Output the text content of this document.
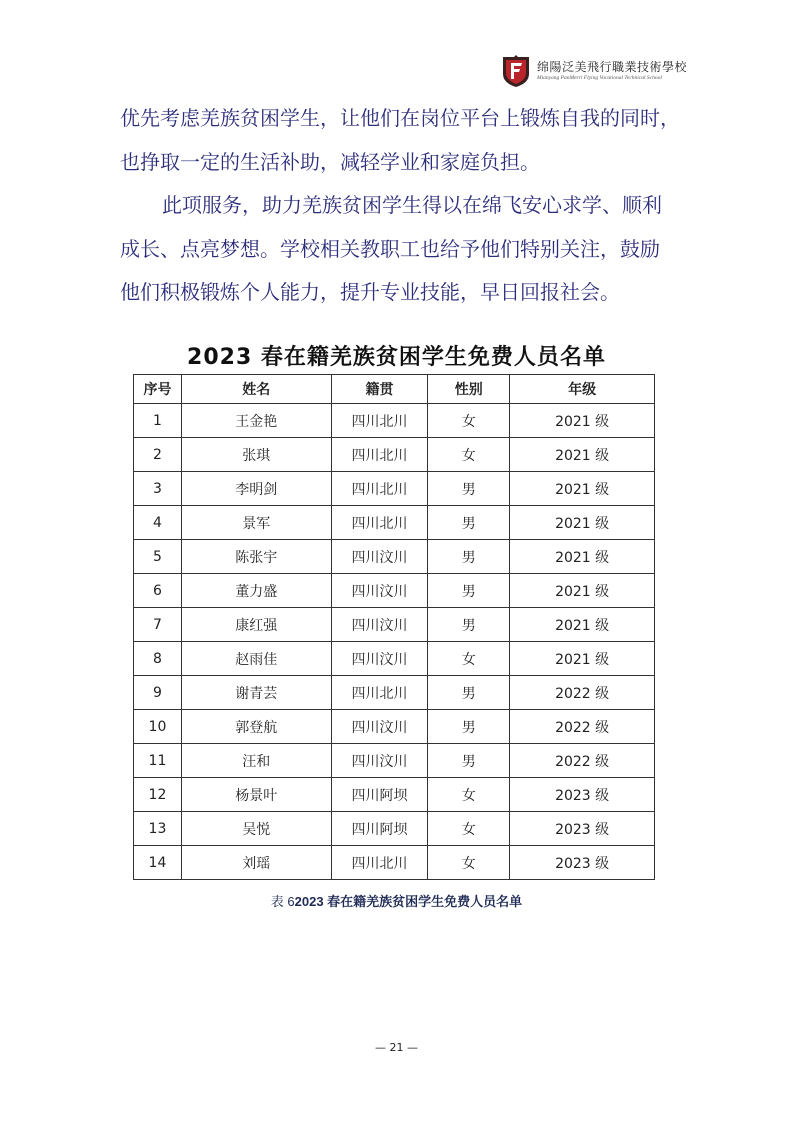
绵陽泛美飛行職業技術學校
Mianyang PanMerri Flying Vocational Technical School

优先考虑羌族贫困学生，让他们在岗位平台上锻炼自我的同时，

也挣取一定的生活补助，减轻学业和家庭负担。

此项服务，助力羌族贫困学生得以在绵飞安心求学、顺利

成长、点亮梦想。学校相关教职工也给予他们特别关注，鼓励

他们积极锻炼个人能力，提升专业技能，早日回报社会。

2023 春在籍羌族贫困学生免费人员名单
序号	姓名	籍贯	性别	年级
1	王金艳	四川北川	女	2021 级
2	张琪	四川北川	女	2021 级
3	李明剑	四川北川	男	2021 级
4	景军	四川北川	男	2021 级
5	陈张宇	四川汶川	男	2021 级
6	董力盛	四川汶川	男	2021 级
7	康红强	四川汶川	男	2021 级
8	赵雨佳	四川汶川	女	2021 级
9	谢青芸	四川北川	男	2022 级
10	郭登航	四川汶川	男	2022 级
11	汪和	四川汶川	男	2022 级
12	杨景叶	四川阿坝	女	2023 级
13	吴悦	四川阿坝	女	2023 级
14	刘瑶	四川北川	女	2023 级
表 62023 春在籍羌族贫困学生免费人员名单
— 21 —
